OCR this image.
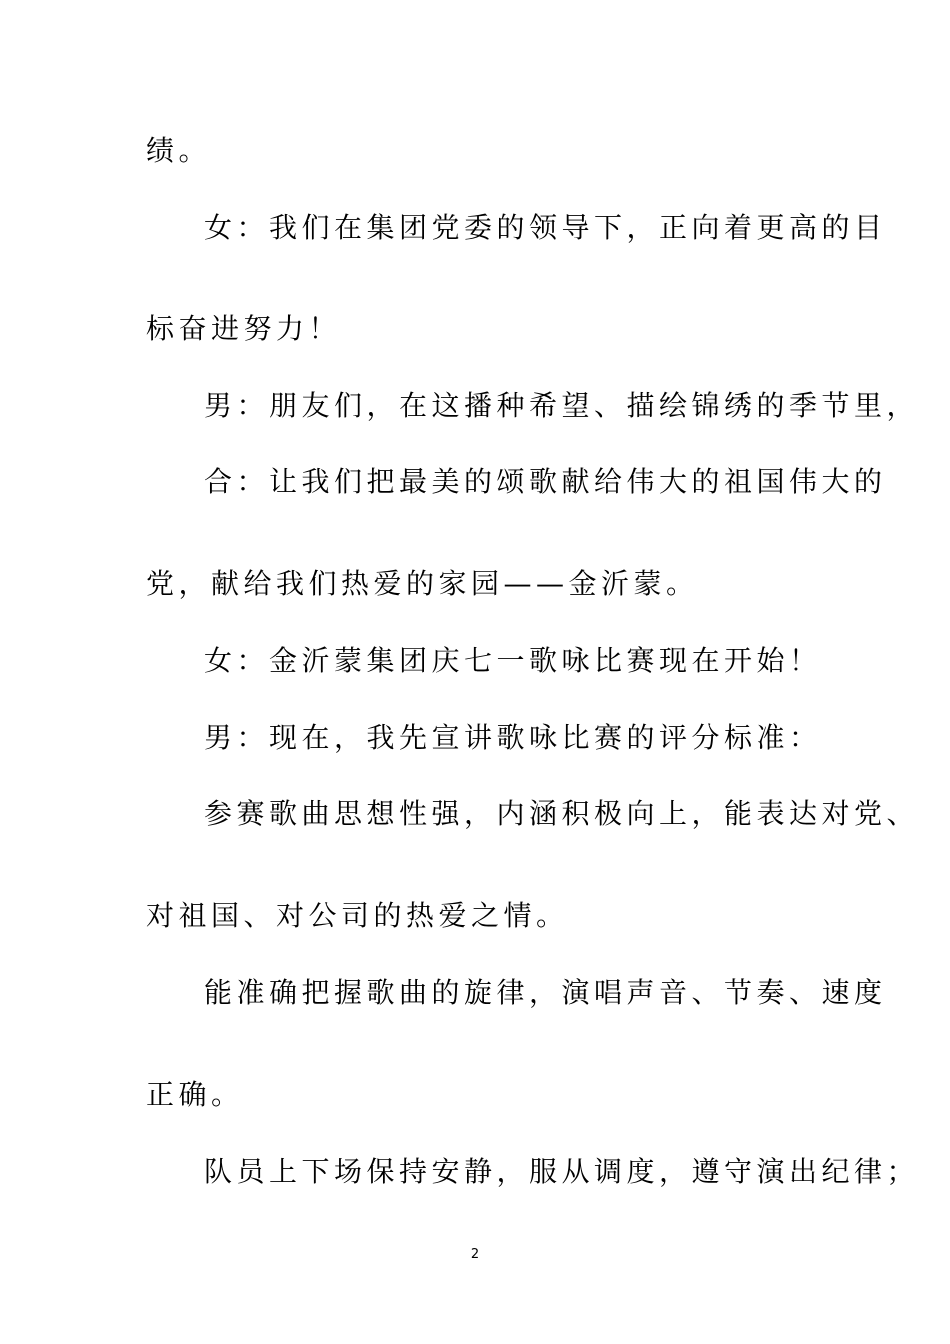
绩。

女：我们在集团党委的领导下，正向着更高的目

标奋进努力！

男：朋友们，在这播种希望、描绘锦绣的季节里，

合：让我们把最美的颂歌献给伟大的祖国伟大的

党，献给我们热爱的家园——金沂蒙。

女：金沂蒙集团庆七一歌咏比赛现在开始！

男：现在，我先宣讲歌咏比赛的评分标准：

参赛歌曲思想性强，内涵积极向上，能表达对党、

对祖国、对公司的热爱之情。

能准确把握歌曲的旋律，演唱声音、节奏、速度

正确。

队员上下场保持安静，服从调度，遵守演出纪律；

2
